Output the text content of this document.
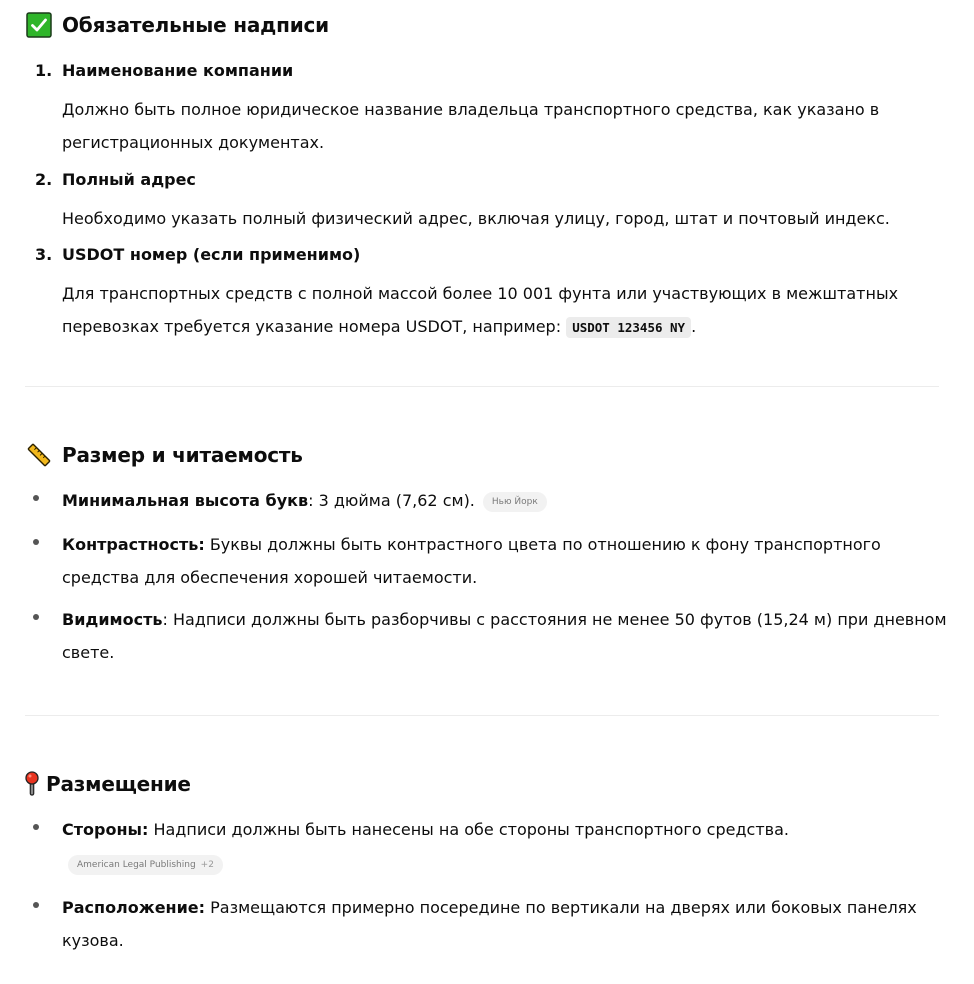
Обязательные надписи
1. Наименование компании
Должно быть полное юридическое название владельца транспортного средства, как указано в регистрационных документах.
2. Полный адрес
Необходимо указать полный физический адрес, включая улицу, город, штат и почтовый индекс.
3. USDOT номер (если применимо)
Для транспортных средств с полной массой более 10 001 фунта или участвующих в межштатных перевозках требуется указание номера USDOT, например: USDOT 123456 NY .
Размер и читаемость
Минимальная высота букв: 3 дюйма (7,62 см). Нью Йорк
Контрастность: Буквы должны быть контрастного цвета по отношению к фону транспортного средства для обеспечения хорошей читаемости.
Видимость: Надписи должны быть разборчивы с расстояния не менее 50 футов (15,24 м) при дневном свете.
Размещение
Стороны: Надписи должны быть нанесены на обе стороны транспортного средства.
American Legal Publishing +2
Расположение: Размещаются примерно посередине по вертикали на дверях или боковых панелях кузова.
